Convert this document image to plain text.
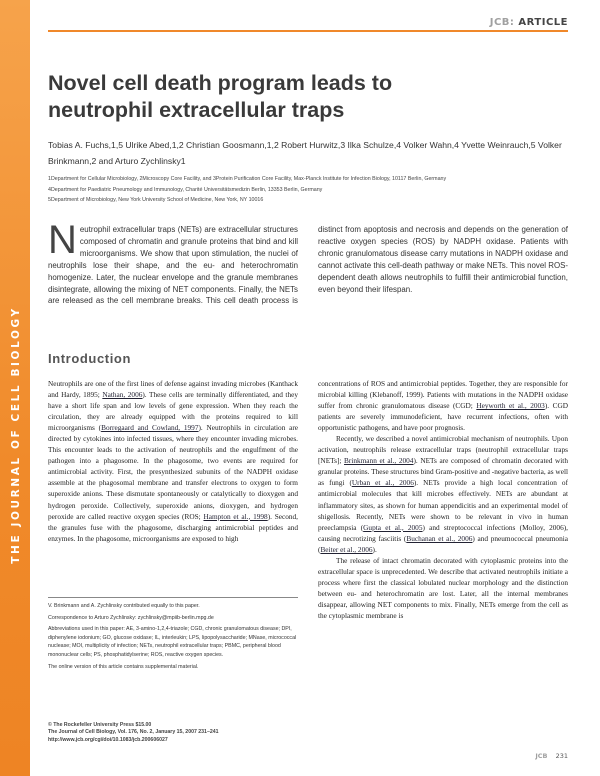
THE JOURNAL OF CELL BIOLOGY
JCB: ARTICLE
Novel cell death program leads to neutrophil extracellular traps
Tobias A. Fuchs,1,5 Ulrike Abed,1,2 Christian Goosmann,1,2 Robert Hurwitz,3 Ilka Schulze,4 Volker Wahn,4 Yvette Weinrauch,5 Volker Brinkmann,2 and Arturo Zychlinsky1
1Department for Cellular Microbiology, 2Microscopy Core Facility, and 3Protein Purification Core Facility, Max-Planck Institute for Infection Biology, 10117 Berlin, Germany
4Department for Paediatric Pneumology and Immunology, Charité Universitätsmedizin Berlin, 13353 Berlin, Germany
5Department of Microbiology, New York University School of Medicine, New York, NY 10016
Neutrophil extracellular traps (NETs) are extracellular structures composed of chromatin and granule proteins that bind and kill microorganisms. We show that upon stimulation, the nuclei of neutrophils lose their shape, and the eu- and heterochromatin homogenize. Later, the nuclear envelope and the granule membranes disintegrate, allowing the mixing of NET components. Finally, the NETs are released as the cell membrane breaks. This cell death process is distinct from apoptosis and necrosis and depends on the generation of reactive oxygen species (ROS) by NADPH oxidase. Patients with chronic granulomatous disease carry mutations in NADPH oxidase and cannot activate this cell-death pathway or make NETs. This novel ROS-dependent death allows neutrophils to fulfill their antimicrobial function, even beyond their lifespan.
Introduction

Neutrophils are one of the first lines of defense against invading microbes (Kanthack and Hardy, 1895; Nathan, 2006). These cells are terminally differentiated, and they have a short life span and low levels of gene expression. When they reach the circulation, they are already equipped with the proteins required to kill microorganisms (Borregaard and Cowland, 1997). Neutrophils in circulation are directed by cytokines into infected tissues, where they encounter invading microbes. This encounter leads to the activation of neutrophils and the engulfment of the pathogen into a phagosome. In the phagosome, two events are required for antimicrobial activity. First, the presynthesized subunits of the NADPH oxidase assemble at the phagosomal membrane and transfer electrons to oxygen to form superoxide anions. These dismutate spontaneously or catalytically to dioxygen and hydrogen peroxide. Collectively, superoxide anions, dioxygen, and hydrogen peroxide are called reactive oxygen species (ROS; Hampton et al., 1998). Second, the granules fuse with the phagosome, discharging antimicrobial peptides and enzymes. In the phagosome, microorganisms are exposed to high

concentrations of ROS and antimicrobial peptides. Together, they are responsible for microbial killing (Klebanoff, 1999). Patients with mutations in the NADPH oxidase suffer from chronic granulomatous disease (CGD; Heyworth et al., 2003). CGD patients are severely immunodeficient, have recurrent infections, often with opportunistic pathogens, and have poor prognosis.

Recently, we described a novel antimicrobial mechanism of neutrophils. Upon activation, neutrophils release extracellular traps (neutrophil extracellular traps [NETs]; Brinkmann et al., 2004). NETs are composed of chromatin decorated with granular proteins. These structures bind Gram-positive and -negative bacteria, as well as fungi (Urban et al., 2006). NETs provide a high local concentration of antimicrobial molecules that kill microbes effectively. NETs are abundant at inflammatory sites, as shown for human appendicitis and an experimental model of shigellosis. Recently, NETs were shown to be relevant in vivo in human preeclampsia (Gupta et al., 2005) and streptococcal infections (Molloy, 2006), causing necrotizing fasciitis (Buchanan et al., 2006) and pneumococcal pneumonia (Beiter et al., 2006).

The release of intact chromatin decorated with cytoplasmic proteins into the extracellular space is unprecedented. We describe that activated neutrophils initiate a process where first the classical lobulated nuclear morphology and the distinction between eu- and heterochromatin are lost. Later, all the internal membranes disappear, allowing NET components to mix. Finally, NETs emerge from the cell as the cytoplasmic membrane is

V. Brinkmann and A. Zychlinsky contributed equally to this paper.

Correspondence to Arturo Zychlinsky: zychlinsky@mpiib-berlin.mpg.de

Abbreviations used in this paper: AE, 3-amino-1,2,4-triazole; CGD, chronic granulomatous disease; DPI, diphenylene iodonium; GO, glucose oxidase; IL, interleukin; LPS, lipopolysaccharide; MNase, micrococcal nuclease; MOI, multiplicity of infection; NETs, neutrophil extracellular traps; PBMC, peripheral blood mononuclear cells; PS, phosphatidylserine; ROS, reactive oxygen species.

The online version of this article contains supplemental material.

© The Rockefeller University Press $15.00
The Journal of Cell Biology, Vol. 176, No. 2, January 15, 2007 231–241
http://www.jcb.org/cgi/doi/10.1083/jcb.200606027
JCB 231
